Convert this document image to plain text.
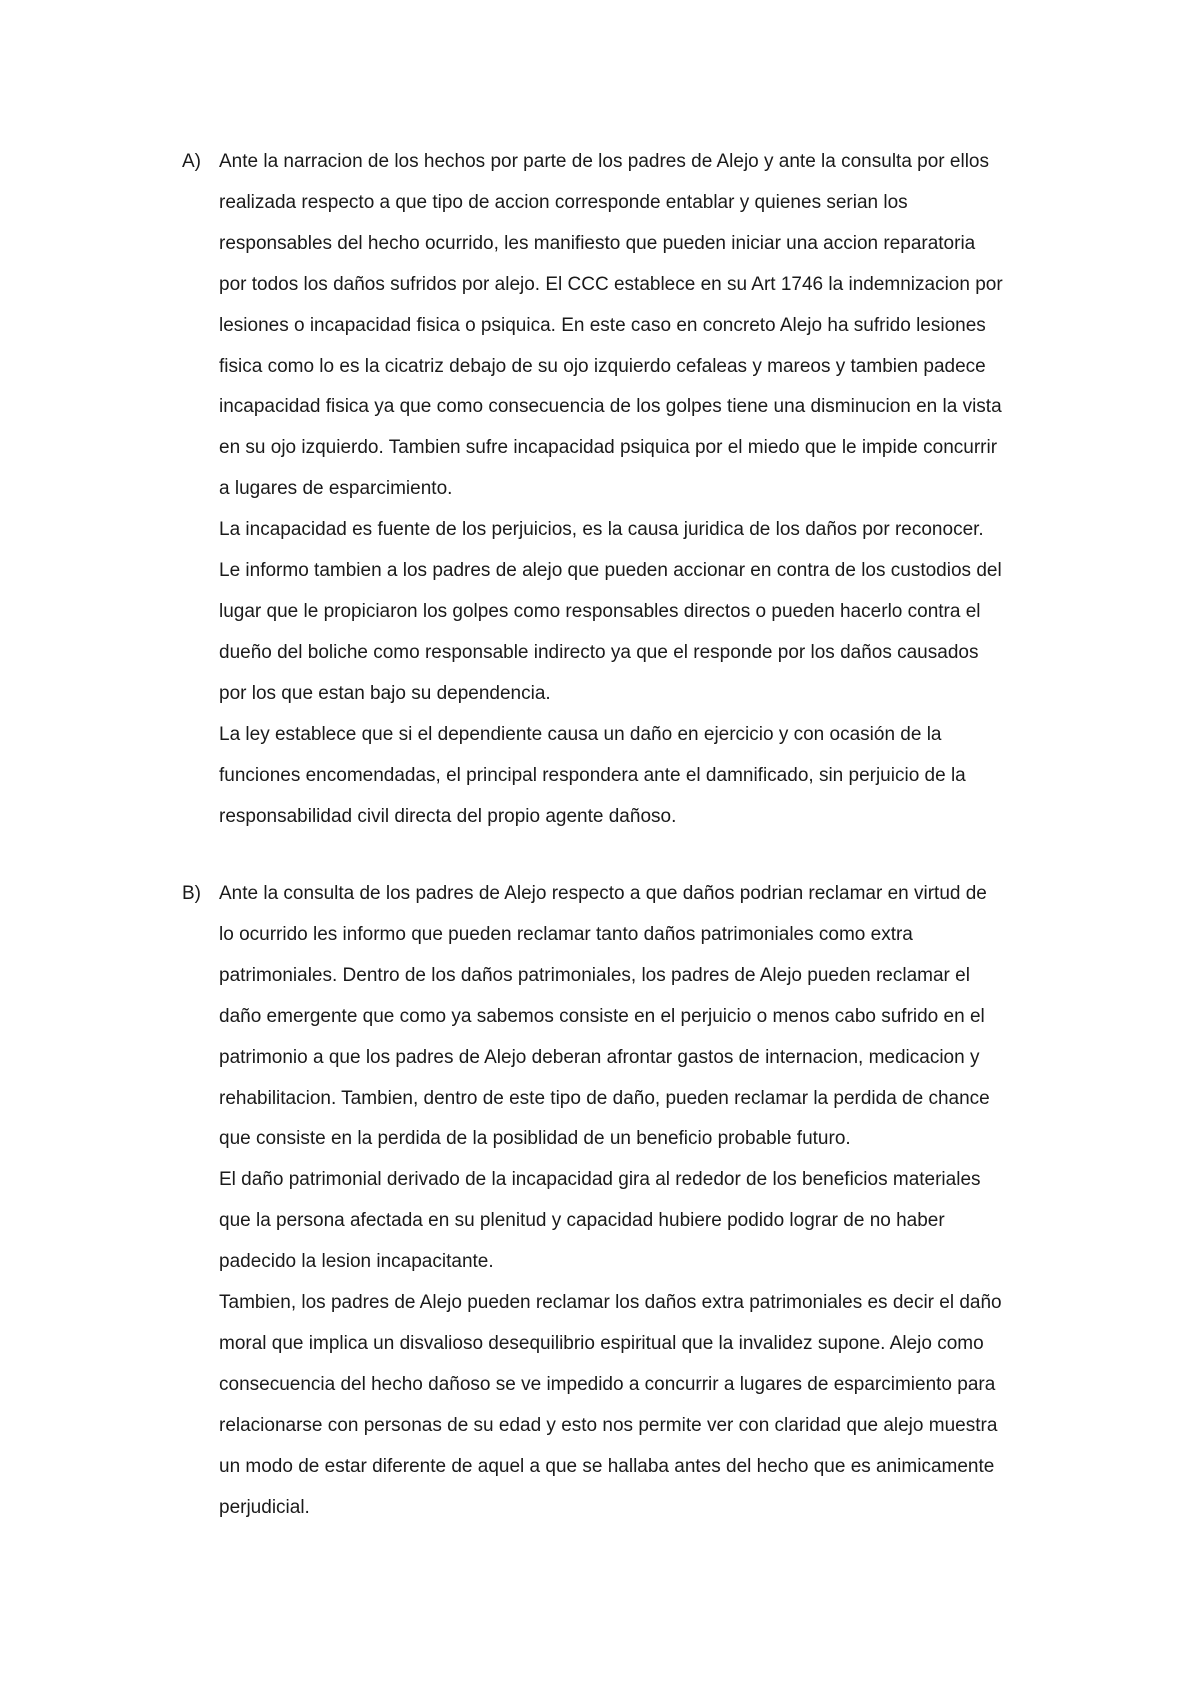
A) Ante la narracion de los hechos por parte de los padres de Alejo y ante la consulta por ellos
realizada respecto a que tipo de accion corresponde entablar y quienes serian los
responsables del hecho ocurrido, les manifiesto que pueden iniciar una accion reparatoria
por todos los daños sufridos por alejo. El CCC establece en su Art 1746 la indemnizacion por
lesiones o incapacidad fisica o psiquica. En este caso en concreto Alejo ha sufrido lesiones
fisica como lo es la cicatriz debajo de su ojo izquierdo cefaleas y mareos y tambien padece
incapacidad fisica ya que como consecuencia de los golpes tiene una disminucion en la vista
en su ojo izquierdo. Tambien sufre incapacidad psiquica por el miedo que le impide concurrir
a lugares de esparcimiento.
La incapacidad es fuente de los perjuicios, es la causa juridica de los daños por reconocer.
Le informo tambien a los padres de alejo que pueden accionar en contra de los custodios del
lugar que le propiciaron los golpes como responsables directos o pueden hacerlo contra el
dueño del boliche como responsable indirecto ya que el responde por los daños causados
por los que estan bajo su dependencia.
La ley establece que si el dependiente causa un daño en ejercicio y con ocasión de la
funciones encomendadas, el principal respondera ante el damnificado, sin perjuicio de la
responsabilidad civil directa del propio agente dañoso.
B) Ante la consulta de los padres de Alejo respecto a que daños podrian reclamar en virtud de
lo ocurrido les informo que pueden reclamar tanto daños patrimoniales como extra
patrimoniales. Dentro de los daños patrimoniales, los padres de Alejo pueden reclamar el
daño emergente que como ya sabemos consiste en el perjuicio o menos cabo sufrido en el
patrimonio a que los padres de Alejo deberan afrontar gastos de internacion, medicacion y
rehabilitacion. Tambien, dentro de este tipo de daño, pueden reclamar la perdida de chance
que consiste en la perdida de la posiblidad de un beneficio probable futuro.
El daño patrimonial derivado de la incapacidad gira al rededor de los beneficios materiales
que la persona afectada en su plenitud y capacidad hubiere podido lograr de no haber
padecido la lesion incapacitante.
Tambien, los padres de Alejo pueden reclamar los daños extra patrimoniales es decir el daño
moral que implica un disvalioso desequilibrio espiritual que la invalidez supone. Alejo como
consecuencia del hecho dañoso se ve impedido a concurrir a lugares de esparcimiento para
relacionarse con personas de su edad y esto nos permite ver con claridad que alejo muestra
un modo de estar diferente de aquel a que se hallaba antes del hecho que es animicamente
perjudicial.
